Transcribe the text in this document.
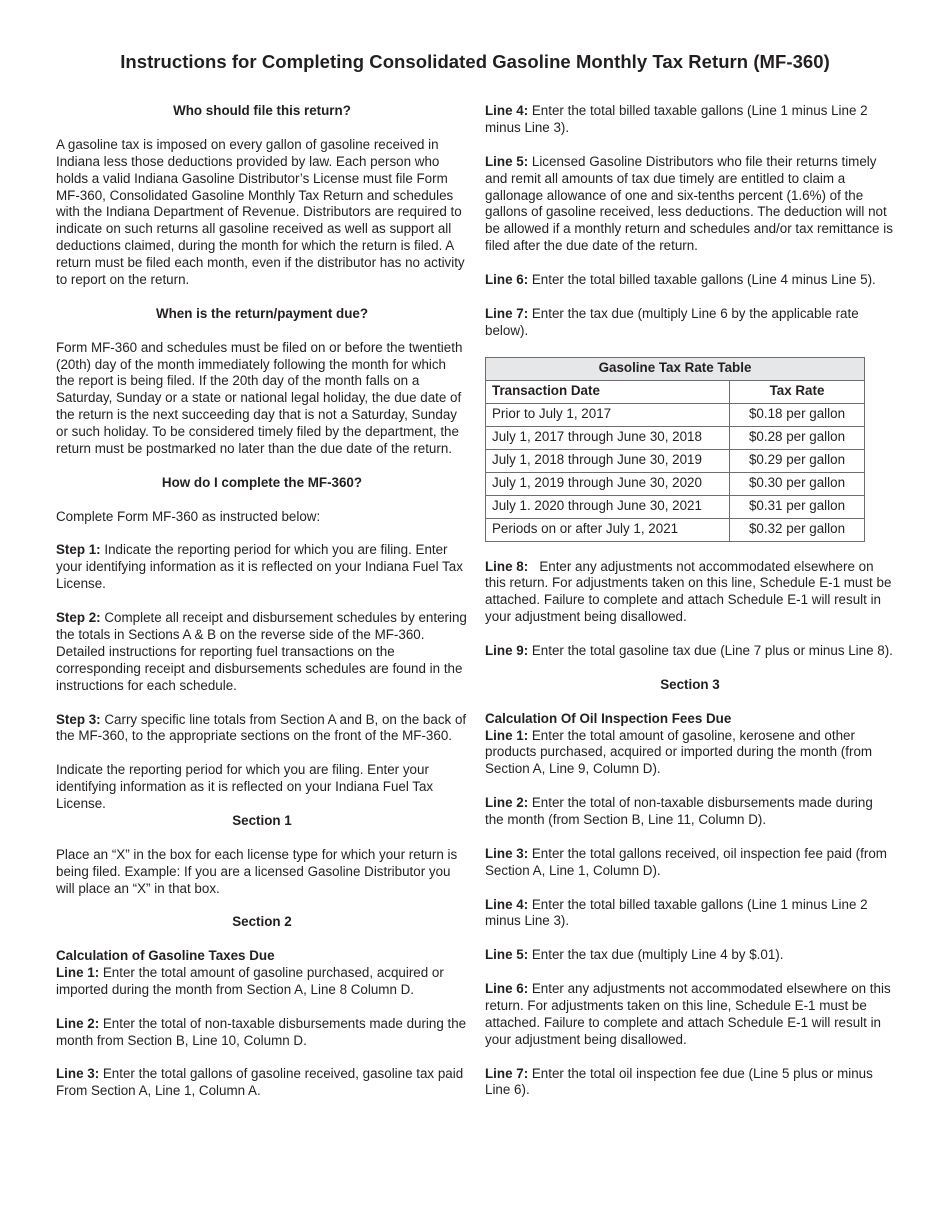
Instructions for Completing Consolidated Gasoline Monthly Tax Return (MF-360)

Who should file this return?

A gasoline tax is imposed on every gallon of gasoline received in Indiana less those deductions provided by law. Each person who holds a valid Indiana Gasoline Distributor’s License must file Form MF-360, Consolidated Gasoline Monthly Tax Return and schedules with the Indiana Department of Revenue. Distributors are required to indicate on such returns all gasoline received as well as support all deductions claimed, during the month for which the return is filed. A return must be filed each month, even if the distributor has no activity to report on the return.

When is the return/payment due?

Form MF-360 and schedules must be filed on or before the twentieth (20th) day of the month immediately following the month for which the report is being filed. If the 20th day of the month falls on a Saturday, Sunday or a state or national legal holiday, the due date of the return is the next succeeding day that is not a Saturday, Sunday or such holiday. To be considered timely filed by the department, the return must be postmarked no later than the due date of the return.

How do I complete the MF-360?

Complete Form MF-360 as instructed below:

Step 1: Indicate the reporting period for which you are filing. Enter your identifying information as it is reflected on your Indiana Fuel Tax License.

Step 2: Complete all receipt and disbursement schedules by entering the totals in Sections A & B on the reverse side of the MF-360. Detailed instructions for reporting fuel transactions on the corresponding receipt and disbursements schedules are found in the instructions for each schedule.

Step 3: Carry specific line totals from Section A and B, on the back of the MF-360, to the appropriate sections on the front of the MF-360.

Indicate the reporting period for which you are filing. Enter your identifying information as it is reflected on your Indiana Fuel Tax License.

Section 1

Place an “X” in the box for each license type for which your return is being filed. Example: If you are a licensed Gasoline Distributor you will place an “X” in that box.

Section 2

Calculation of Gasoline Taxes Due

Line 1: Enter the total amount of gasoline purchased, acquired or imported during the month from Section A, Line 8 Column D.

Line 2: Enter the total of non-taxable disbursements made during the month from Section B, Line 10, Column D.

Line 3: Enter the total gallons of gasoline received, gasoline tax paid From Section A, Line 1, Column A.

Line 4: Enter the total billed taxable gallons (Line 1 minus Line 2 minus Line 3).

Line 5: Licensed Gasoline Distributors who file their returns timely and remit all amounts of tax due timely are entitled to claim a gallonage allowance of one and six-tenths percent (1.6%) of the gallons of gasoline received, less deductions. The deduction will not be allowed if a monthly return and schedules and/or tax remittance is filed after the due date of the return.

Line 6: Enter the total billed taxable gallons (Line 4 minus Line 5).

Line 7: Enter the tax due (multiply Line 6 by the applicable rate below).

Gasoline Tax Rate Table	
Transaction Date	Tax Rate
Prior to July 1, 2017	$0.18 per gallon
July 1, 2017 through June 30, 2018	$0.28 per gallon
July 1, 2018 through June 30, 2019	$0.29 per gallon
July 1, 2019 through June 30, 2020	$0.30 per gallon
July 1. 2020 through June 30, 2021	$0.31 per gallon
Periods on or after July 1, 2021	$0.32 per gallon

Line 8:   Enter any adjustments not accommodated elsewhere on this return. For adjustments taken on this line, Schedule E-1 must be attached. Failure to complete and attach Schedule E-1 will result in your adjustment being disallowed.

Line 9: Enter the total gasoline tax due (Line 7 plus or minus Line 8).

Section 3

Calculation Of Oil Inspection Fees Due

Line 1: Enter the total amount of gasoline, kerosene and other products purchased, acquired or imported during the month (from Section A, Line 9, Column D).

Line 2: Enter the total of non-taxable disbursements made during the month (from Section B, Line 11, Column D).

Line 3: Enter the total gallons received, oil inspection fee paid (from Section A, Line 1, Column D).

Line 4: Enter the total billed taxable gallons (Line 1 minus Line 2 minus Line 3).

Line 5: Enter the tax due (multiply Line 4 by $.01).

Line 6: Enter any adjustments not accommodated elsewhere on this return. For adjustments taken on this line, Schedule E-1 must be attached. Failure to complete and attach Schedule E-1 will result in your adjustment being disallowed.

Line 7: Enter the total oil inspection fee due (Line 5 plus or minus Line 6).
